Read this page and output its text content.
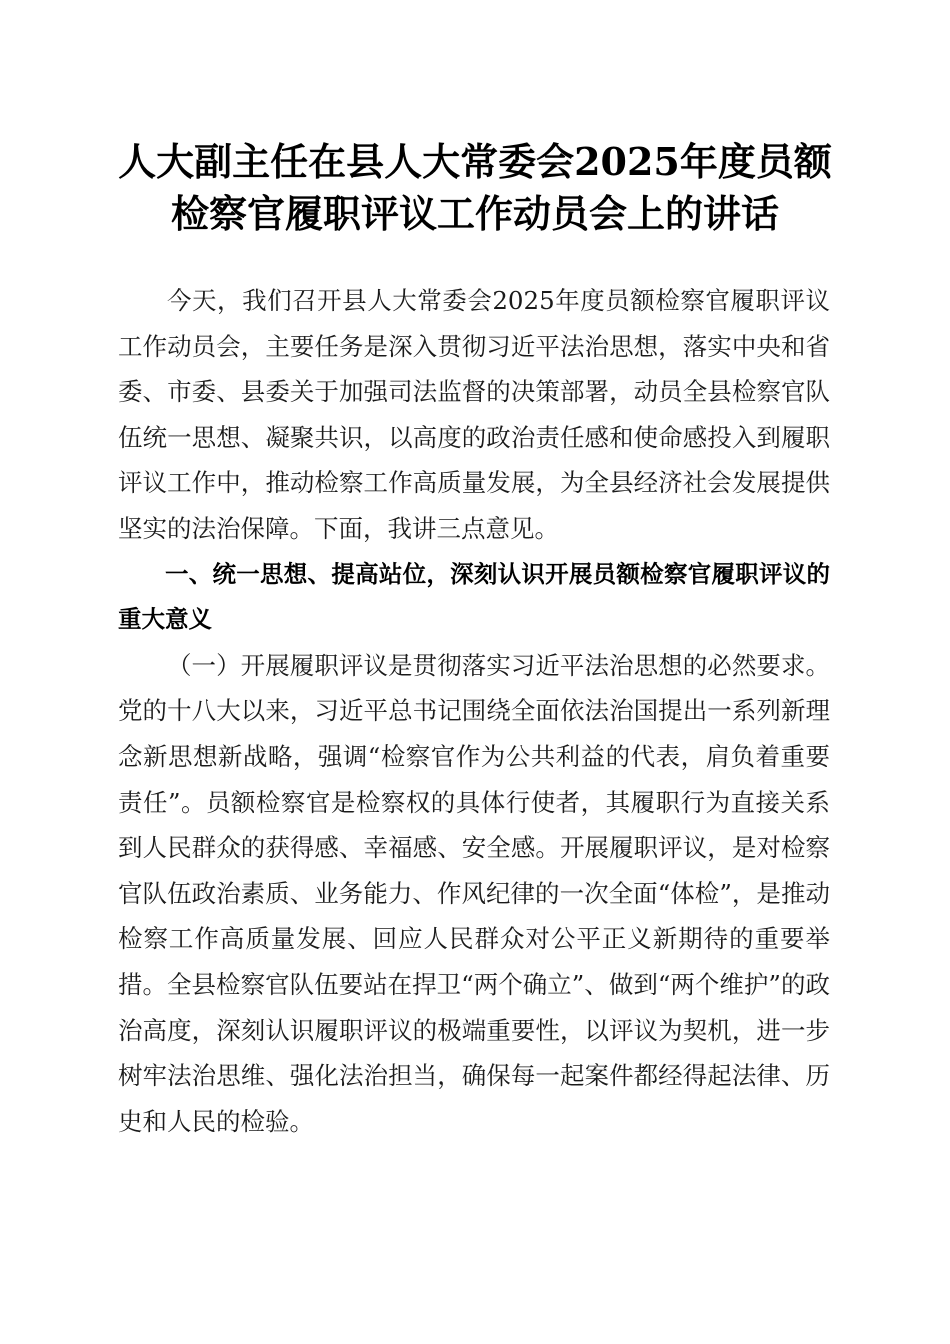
人大副主任在县人大常委会2025年度员额检察官履职评议工作动员会上的讲话

今天，我们召开县人大常委会2025年度员额检察官履职评议工作动员会，主要任务是深入贯彻习近平法治思想，落实中央和省委、市委、县委关于加强司法监督的决策部署，动员全县检察官队伍统一思想、凝聚共识，以高度的政治责任感和使命感投入到履职评议工作中，推动检察工作高质量发展，为全县经济社会发展提供坚实的法治保障。下面，我讲三点意见。

一、统一思想、提高站位，深刻认识开展员额检察官履职评议的重大意义

（一）开展履职评议是贯彻落实习近平法治思想的必然要求。党的十八大以来，习近平总书记围绕全面依法治国提出一系列新理念新思想新战略，强调“检察官作为公共利益的代表，肩负着重要责任”。员额检察官是检察权的具体行使者，其履职行为直接关系到人民群众的获得感、幸福感、安全感。开展履职评议，是对检察官队伍政治素质、业务能力、作风纪律的一次全面“体检”，是推动检察工作高质量发展、回应人民群众对公平正义新期待的重要举措。全县检察官队伍要站在捍卫“两个确立”、做到“两个维护”的政治高度，深刻认识履职评议的极端重要性，以评议为契机，进一步树牢法治思维、强化法治担当，确保每一起案件都经得起法律、历史和人民的检验。
